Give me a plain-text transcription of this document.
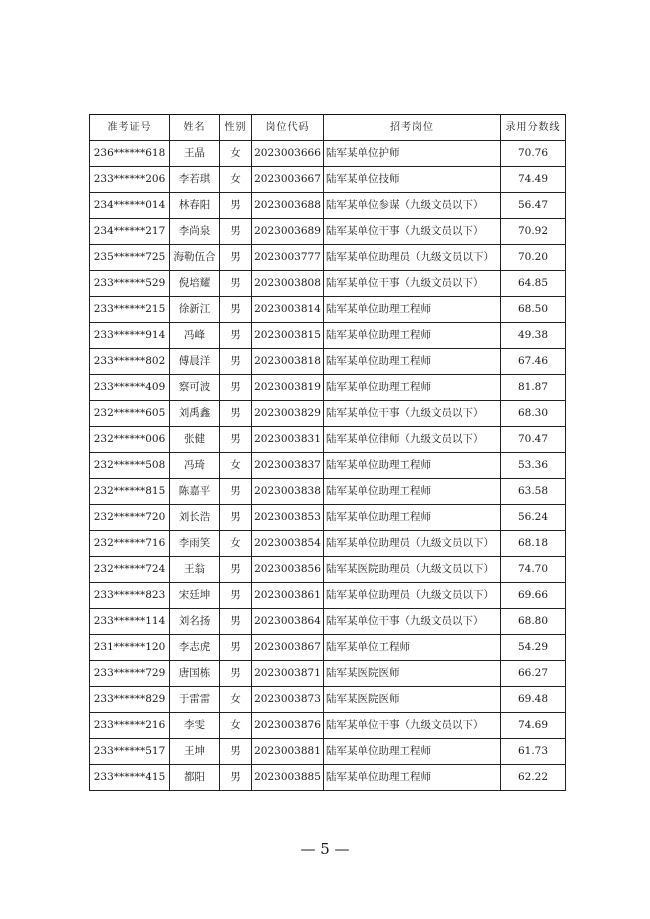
准考证号	姓名	性别	岗位代码	招考岗位	录用分数线
236******618	王晶	女	2023003666	陆军某单位护师	70.76
233******206	李若琪	女	2023003667	陆军某单位技师	74.49
234******014	林春阳	男	2023003688	陆军某单位参谋（九级文员以下）	56.47
234******217	李尚泉	男	2023003689	陆军某单位干事（九级文员以下）	70.92
235******725	海勒伍合	男	2023003777	陆军某单位助理员（九级文员以下）	70.20
233******529	倪培耀	男	2023003808	陆军某单位干事（九级文员以下）	64.85
233******215	徐新江	男	2023003814	陆军某单位助理工程师	68.50
233******914	冯峰	男	2023003815	陆军某单位助理工程师	49.38
233******802	傅晨洋	男	2023003818	陆军某单位助理工程师	67.46
233******409	察可波	男	2023003819	陆军某单位助理工程师	81.87
232******605	刘禹鑫	男	2023003829	陆军某单位干事（九级文员以下）	68.30
232******006	张健	男	2023003831	陆军某单位律师（九级文员以下）	70.47
232******508	冯琦	女	2023003837	陆军某单位助理工程师	53.36
232******815	陈嘉平	男	2023003838	陆军某单位助理工程师	63.58
232******720	刘长浩	男	2023003853	陆军某单位助理工程师	56.24
232******716	李雨笑	女	2023003854	陆军某单位助理员（九级文员以下）	68.18
232******724	王翁	男	2023003856	陆军某医院助理员（九级文员以下）	74.70
233******823	宋廷坤	男	2023003861	陆军某单位助理员（九级文员以下）	69.66
233******114	刘名扬	男	2023003864	陆军某单位干事（九级文员以下）	68.80
231******120	李志虎	男	2023003867	陆军某单位工程师	54.29
233******729	唐国栋	男	2023003871	陆军某医院医师	66.27
233******829	于雷雷	女	2023003873	陆军某医院医师	69.48
233******216	李雯	女	2023003876	陆军某单位干事（九级文员以下）	74.69
233******517	王坤	男	2023003881	陆军某单位助理工程师	61.73
233******415	都阳	男	2023003885	陆军某单位助理工程师	62.22
— 5 —
